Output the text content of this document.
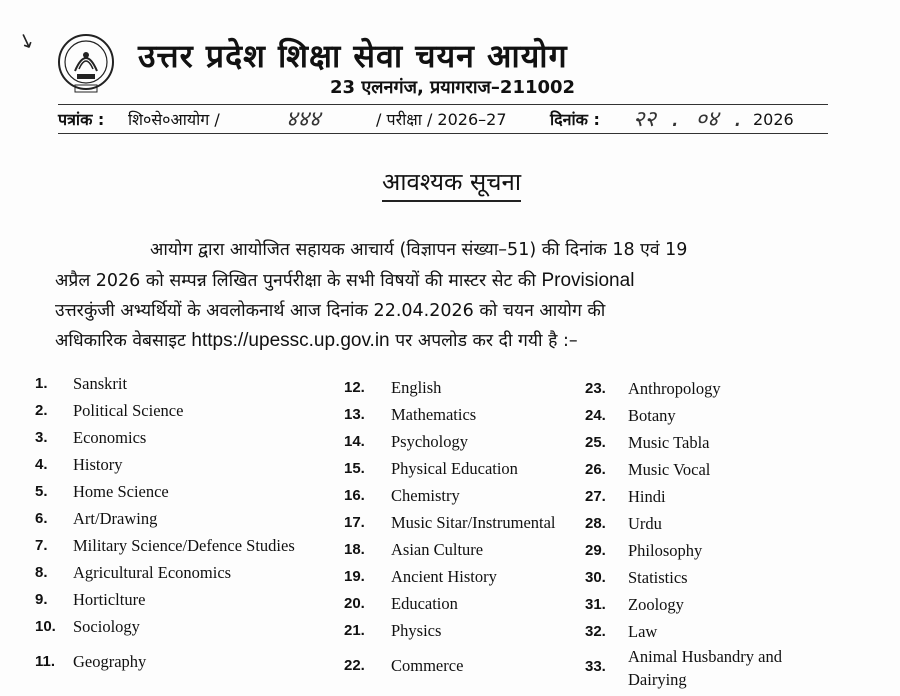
↘	उत्तर प्रदेश शिक्षा सेवा चयन आयोग
23 एलनगंज, प्रयागराज–211002
पत्रांक : शि०से०आयोग /	४४४	/ परीक्षा / 2026–27	दिनांक : २२ . ०४ . 2026
आवश्यक सूचना
आयोग द्वारा आयोजित सहायक आचार्य (विज्ञापन संख्या–51) की दिनांक 18 एवं 19
अप्रैल 2026 को सम्पन्न लिखित पुनर्परीक्षा के सभी विषयों की मास्टर सेट की Provisional
उत्तरकुंजी अभ्यर्थियों के अवलोकनार्थ आज दिनांक 22.04.2026 को चयन आयोग की
अधिकारिक वेबसाइट https://upessc.up.gov.in पर अपलोड कर दी गयी है :–
1. Sanskrit
2. Political Science
3. Economics
4. History
5. Home Science
6. Art/Drawing
7. Military Science/Defence Studies
8. Agricultural Economics
9. Horticlture
10. Sociology
11. Geography
12. English
13. Mathematics
14. Psychology
15. Physical Education
16. Chemistry
17. Music Sitar/Instrumental
18. Asian Culture
19. Ancient History
20. Education
21. Physics
22. Commerce
23. Anthropology
24. Botany
25. Music Tabla
26. Music Vocal
27. Hindi
28. Urdu
29. Philosophy
30. Statistics
31. Zoology
32. Law
33.
Animal Husbandry and
Dairying
